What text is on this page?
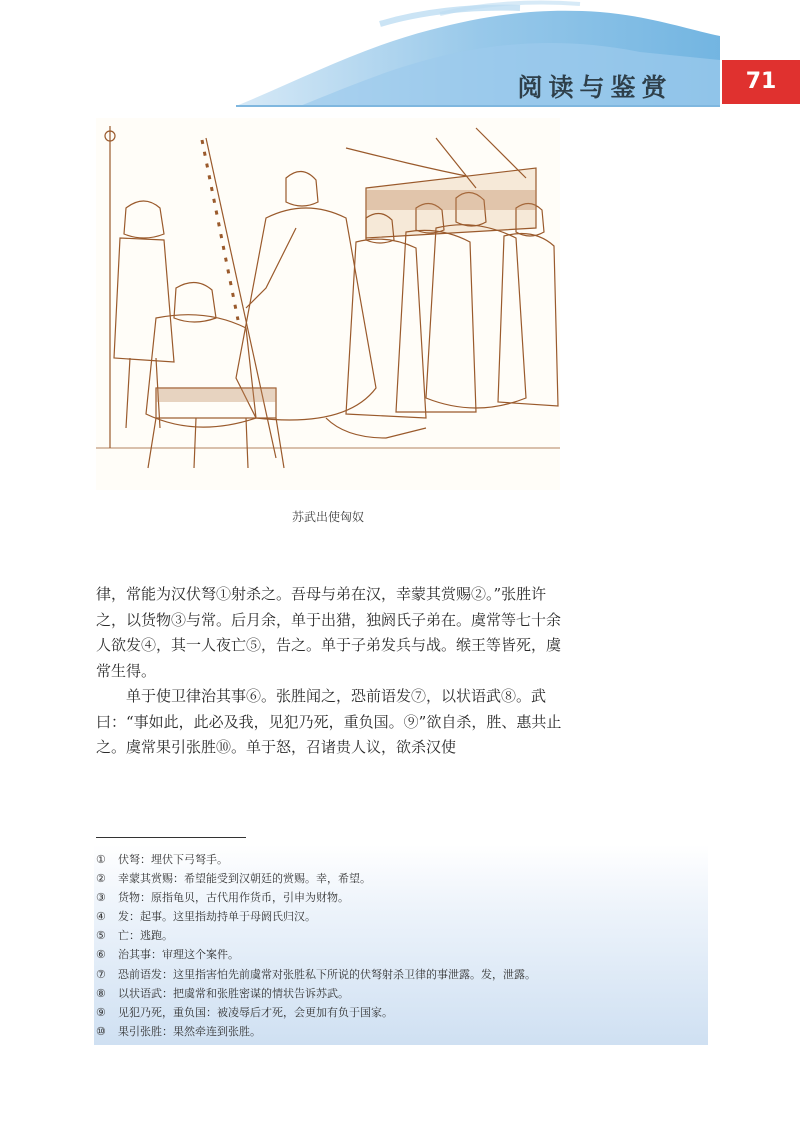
阅读与鉴赏	71
苏武出使匈奴

律，常能为汉伏弩①射杀之。吾母与弟在汉，幸蒙其赏赐②。”张胜许之，以货物③与常。后月余，单于出猎，独阏氏子弟在。虞常等七十余人欲发④，其一人夜亡⑤，告之。单于子弟发兵与战。缑王等皆死，虞常生得。

单于使卫律治其事⑥。张胜闻之，恐前语发⑦，以状语武⑧。武曰：“事如此，此必及我，见犯乃死，重负国。⑨”欲自杀，胜、惠共止之。虞常果引张胜⑩。单于怒，召诸贵人议，欲杀汉使

① 伏弩：埋伏下弓弩手。
② 幸蒙其赏赐：希望能受到汉朝廷的赏赐。幸，希望。
③ 货物：原指龟贝，古代用作货币，引申为财物。
④ 发：起事。这里指劫持单于母阏氏归汉。
⑤ 亡：逃跑。
⑥ 治其事：审理这个案件。
⑦ 恐前语发：这里指害怕先前虞常对张胜私下所说的伏弩射杀卫律的事泄露。发，泄露。
⑧ 以状语武：把虞常和张胜密谋的情状告诉苏武。
⑨ 见犯乃死，重负国：被凌辱后才死，会更加有负于国家。
⑩ 果引张胜：果然牵连到张胜。
